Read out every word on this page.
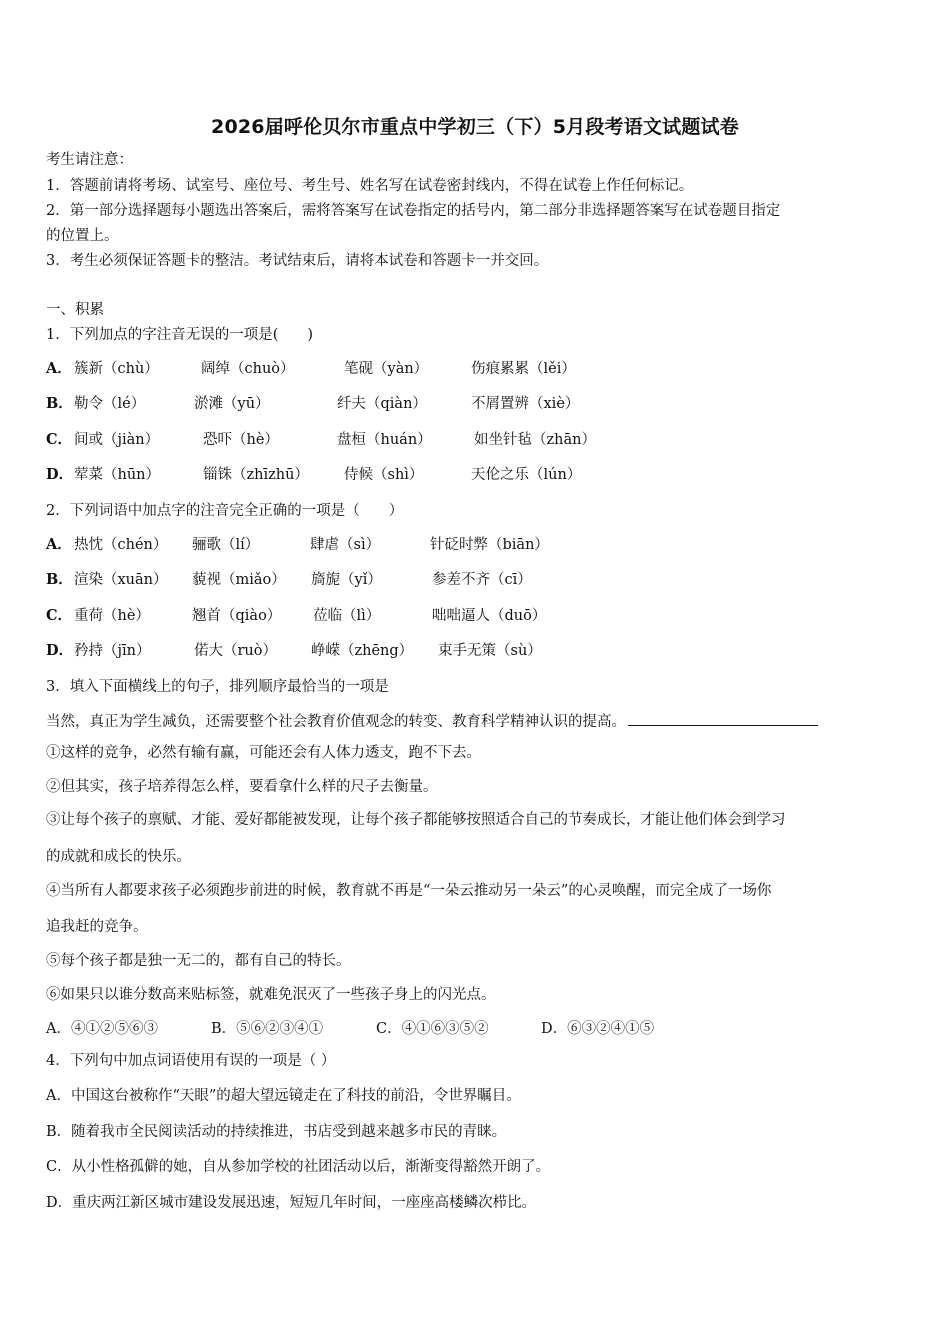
2026届呼伦贝尔市重点中学初三（下）5月段考语文试题试卷
考生请注意：
1．答题前请将考场、试室号、座位号、考生号、姓名写在试卷密封线内，不得在试卷上作任何标记。
2．第一部分选择题每小题选出答案后，需将答案写在试卷指定的括号内，第二部分非选择题答案写在试卷题目指定
的位置上。
3．考生必须保证答题卡的整洁。考试结束后，请将本试卷和答题卡一并交回。
一、积累
1．下列加点的字注音无误的一项是(　　)
A． 簇新（chù）	阔绰（chuò）	笔砚（yàn）	伤痕累累（lěi）
B． 勒令（lé）	淤滩（yū）	纤夫（qiàn）	不屑置辨（xiè）
C． 间或（jiàn）	恐吓（hè）	盘桓（huán）	如坐针毡（zhān）
D． 荤菜（hūn）	锱铢（zhīzhū） 侍候（shì）	天伦之乐（lún）
2．下列词语中加点字的注音完全正确的一项是（　　）
A． 热忱（chén） 骊歌（lí）	肆虐（sì）	针砭时弊（biān）
B． 渲染（xuān） 藐视（miǎo） 旖旎（yǐ）	参差不齐（cī）
C． 重荷（hè）	翘首（qiào） 莅临（lì）	咄咄逼人（duō）
D． 矜持（jīn）	偌大（ruò） 峥嵘（zhēng） 束手无策（sù）
3．填入下面横线上的句子，排列顺序最恰当的一项是
当然，真正为学生减负，还需要整个社会教育价值观念的转变、教育科学精神认识的提高。
①这样的竞争，必然有输有赢，可能还会有人体力透支，跑不下去。
②但其实，孩子培养得怎么样，要看拿什么样的尺子去衡量。
③让每个孩子的禀赋、才能、爱好都能被发现，让每个孩子都能够按照适合自己的节奏成长，才能让他们体会到学习
的成就和成长的快乐。
④当所有人都要求孩子必须跑步前进的时候，教育就不再是“一朵云推动另一朵云”的心灵唤醒，而完全成了一场你
追我赶的竞争。
⑤每个孩子都是独一无二的，都有自己的特长。
⑥如果只以谁分数高来贴标签，就难免泯灭了一些孩子身上的闪光点。
A．④①②⑤⑥③	B．⑤⑥②③④①	C．④①⑥③⑤②	D．⑥③②④①⑤
4．下列句中加点词语使用有误的一项是（ ）
A．中国这台被称作“天眼”的超大望远镜走在了科技的前沿，令世界瞩目。
B．随着我市全民阅读活动的持续推进，书店受到越来越多市民的青睐。
C．从小性格孤僻的她，自从参加学校的社团活动以后，渐渐变得豁然开朗了。
D．重庆两江新区城市建设发展迅速，短短几年时间，一座座高楼鳞次栉比。
